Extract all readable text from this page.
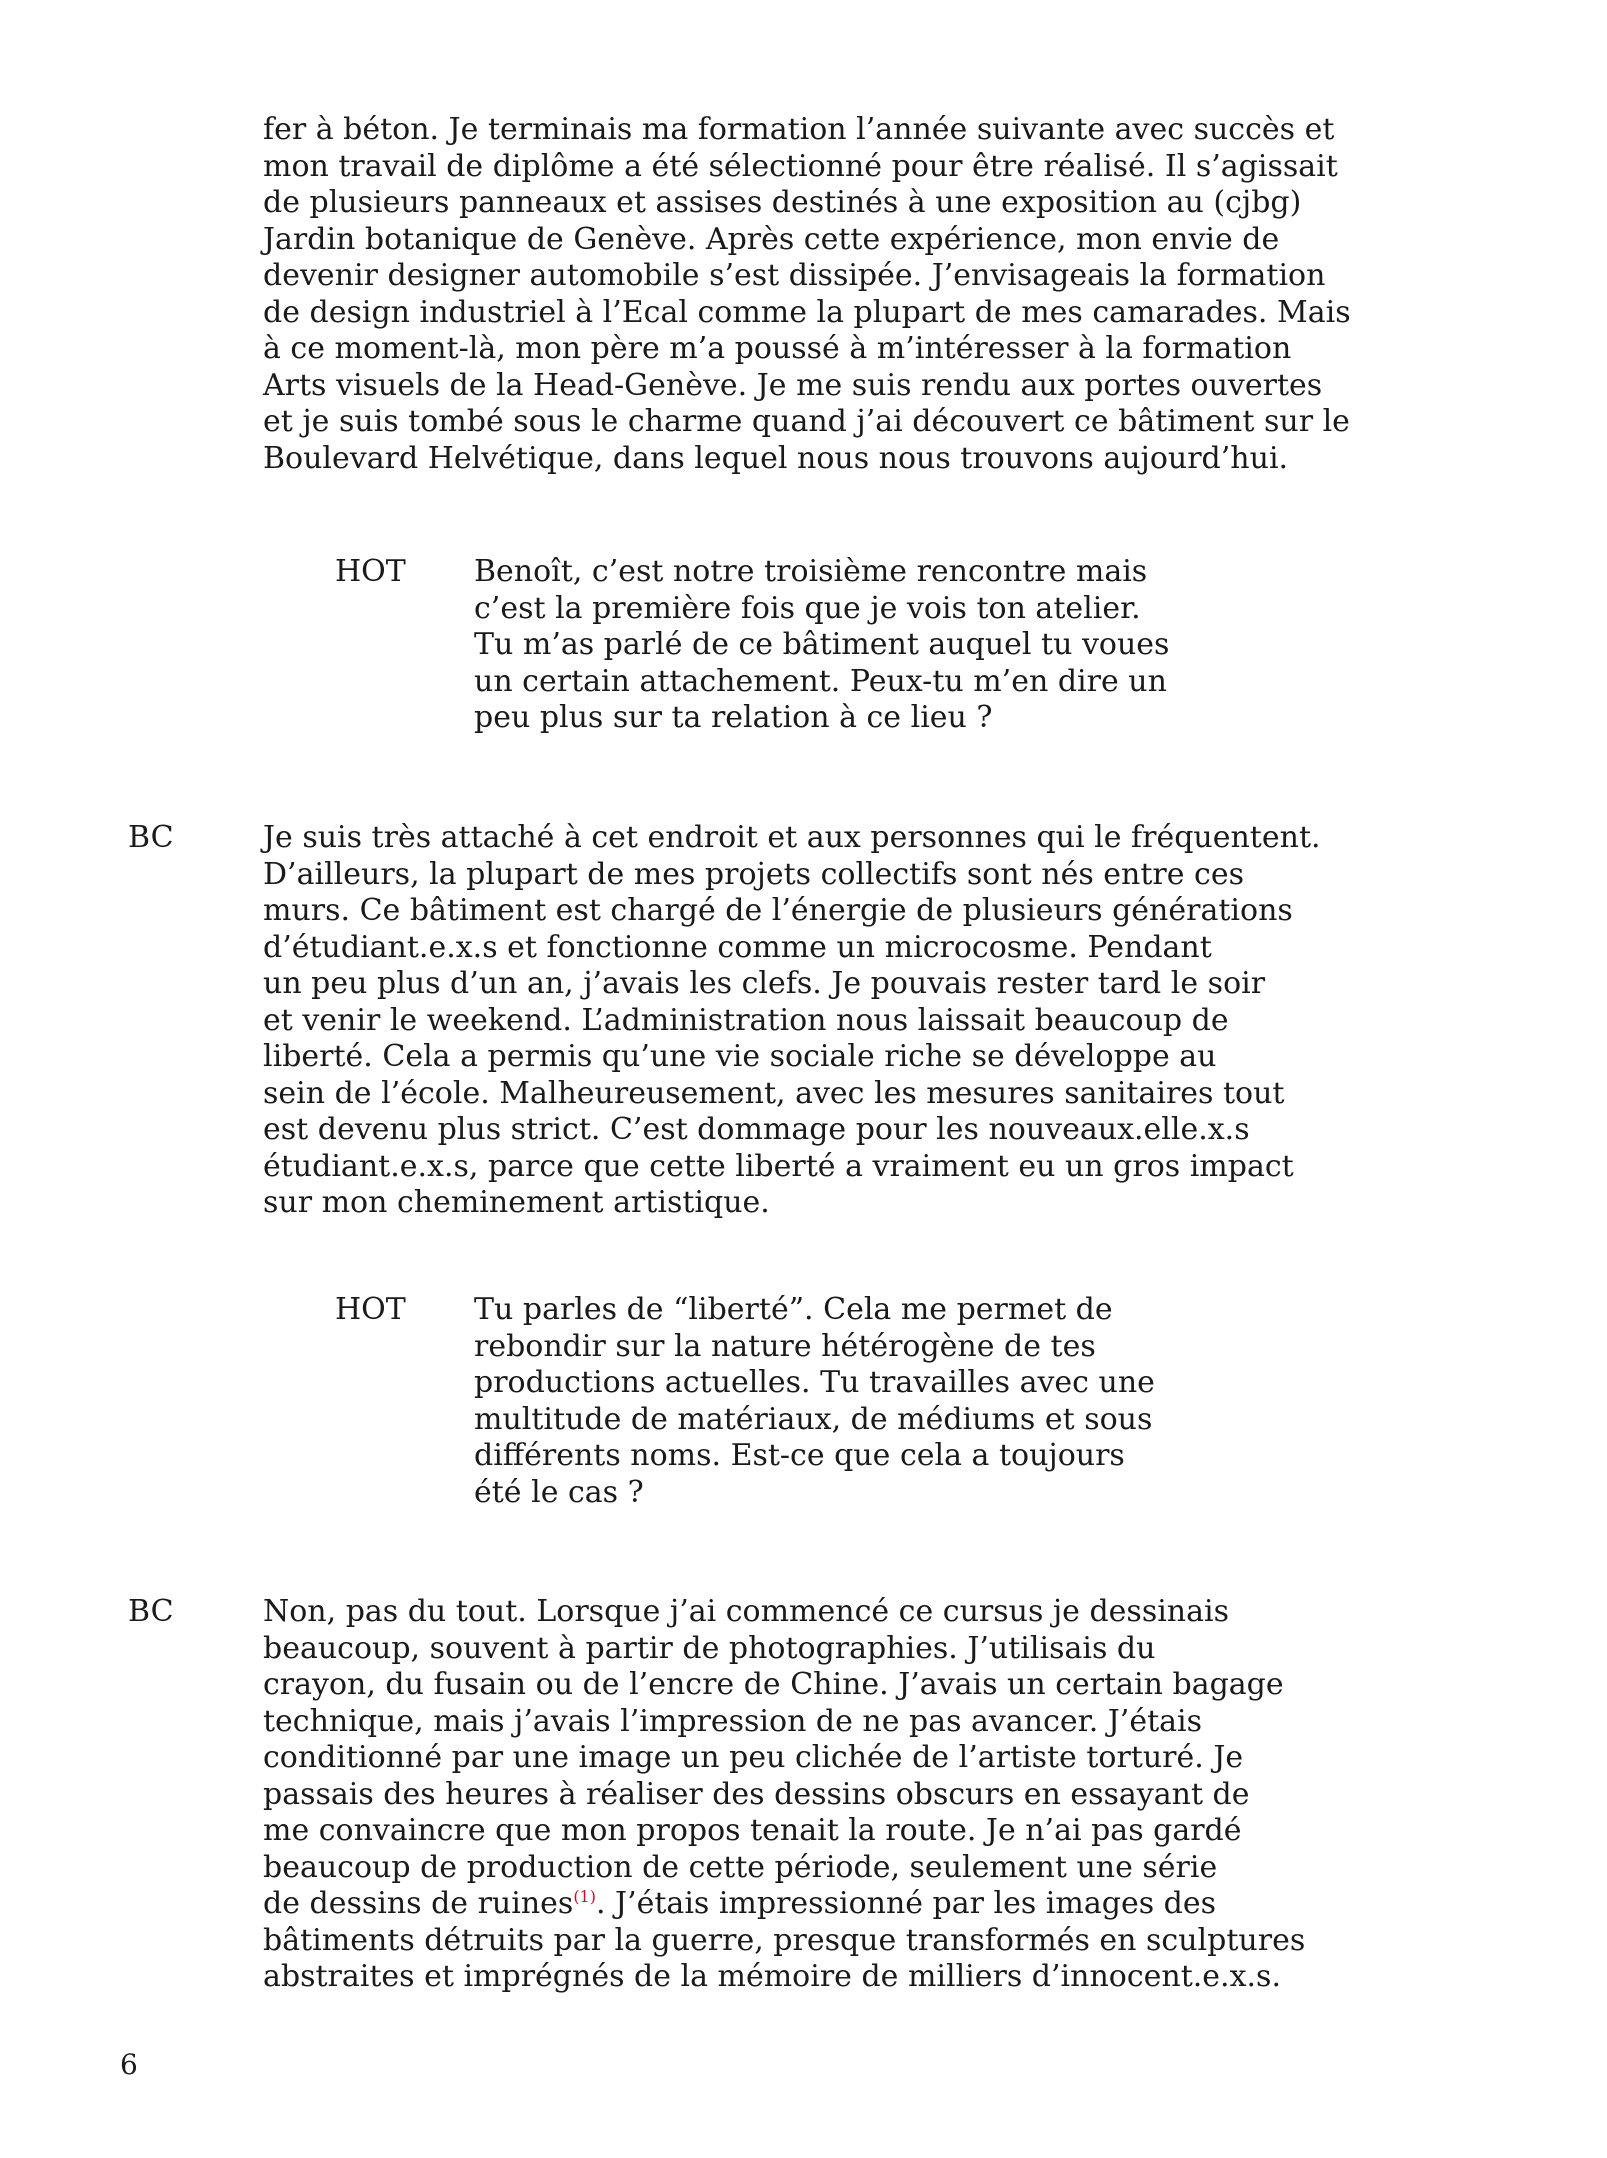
fer à béton. Je terminais ma formation l’année suivante avec succès et
mon travail de diplôme a été sélectionné pour être réalisé. Il s’agissait
de plusieurs panneaux et assises destinés à une exposition au (cjbg)
Jardin botanique de Genève. Après cette expérience, mon envie de
devenir designer automobile s’est dissipée. J’envisageais la formation
de design industriel à l’Ecal comme la plupart de mes camarades. Mais
à ce moment-là, mon père m’a poussé à m’intéresser à la formation
Arts visuels de la Head-Genève. Je me suis rendu aux portes ouvertes
et je suis tombé sous le charme quand j’ai découvert ce bâtiment sur le
Boulevard Helvétique, dans lequel nous nous trouvons aujourd’hui.

HOT Benoît, c’est notre troisième rencontre mais
c’est la première fois que je vois ton atelier.
Tu m’as parlé de ce bâtiment auquel tu voues
un certain attachement. Peux-tu m’en dire un
peu plus sur ta relation à ce lieu ?

BC	Je suis très attaché à cet endroit et aux personnes qui le fréquentent.
D’ailleurs, la plupart de mes projets collectifs sont nés entre ces
murs. Ce bâtiment est chargé de l’énergie de plusieurs générations
d’étudiant.e.x.s et fonctionne comme un microcosme. Pendant
un peu plus d’un an, j’avais les clefs. Je pouvais rester tard le soir
et venir le weekend. L’administration nous laissait beaucoup de
liberté. Cela a permis qu’une vie sociale riche se développe au
sein de l’école. Malheureusement, avec les mesures sanitaires tout
est devenu plus strict. C’est dommage pour les nouveaux.elle.x.s
étudiant.e.x.s, parce que cette liberté a vraiment eu un gros impact
sur mon cheminement artistique.

HOT Tu parles de “liberté”. Cela me permet de
rebondir sur la nature hétérogène de tes
productions actuelles. Tu travailles avec une
multitude de matériaux, de médiums et sous
différents noms. Est-ce que cela a toujours
été le cas ?

BC	Non, pas du tout. Lorsque j’ai commencé ce cursus je dessinais
beaucoup, souvent à partir de photographies. J’utilisais du
crayon, du fusain ou de l’encre de Chine. J’avais un certain bagage
technique, mais j’avais l’impression de ne pas avancer. J’étais
conditionné par une image un peu clichée de l’artiste torturé. Je
passais des heures à réaliser des dessins obscurs en essayant de
me convaincre que mon propos tenait la route. Je n’ai pas gardé
beaucoup de production de cette période, seulement une série
de dessins de ruines$^{(1)}$. J’étais impressionné par les images des
bâtiments détruits par la guerre, presque transformés en sculptures
abstraites et imprégnés de la mémoire de milliers d’innocent.e.x.s.

6
